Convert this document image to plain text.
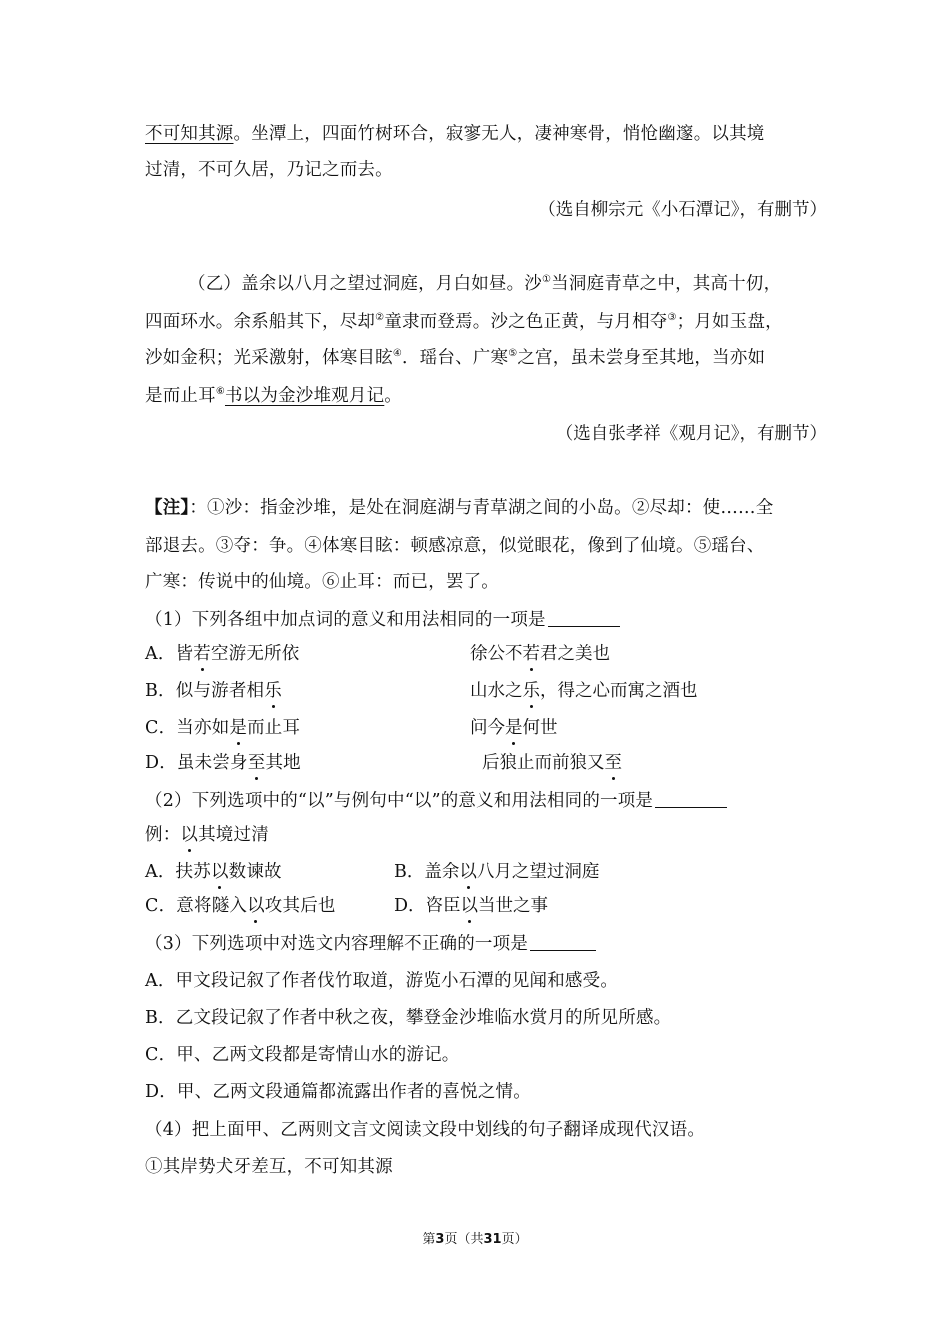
不可知其源。坐潭上，四面竹树环合，寂寥无人，凄神寒骨，悄怆幽邃。以其境
过清，不可久居，乃记之而去。
（选自柳宗元《小石潭记》，有删节）
（乙）盖余以八月之望过洞庭，月白如昼。沙①当洞庭青草之中，其高十仞，
四面环水。余系船其下，尽却②童隶而登焉。沙之色正黄，与月相夺③；月如玉盘，
沙如金积；光采激射，体寒目眩④．瑶台、广寒⑤之宫，虽未尝身至其地，当亦如
是而止耳⑥书以为金沙堆观月记。
（选自张孝祥《观月记》，有删节）
【注】：①沙：指金沙堆，是处在洞庭湖与青草湖之间的小岛。②尽却：使……全
部退去。③夺：争。④体寒目眩：顿感凉意，似觉眼花，像到了仙境。⑤瑶台、
广寒：传说中的仙境。⑥止耳：而已，罢了。
（1）下列各组中加点词的意义和用法相同的一项是
A．皆若空游无所依	徐公不若君之美也
B．似与游者相乐	山水之乐，得之心而寓之酒也
C．当亦如是而止耳	问今是何世
D．虽未尝身至其地	后狼止而前狼又至
（2）下列选项中的“以”与例句中“以”的意义和用法相同的一项是
例：以其境过清
A．扶苏以数谏故	B．盖余以八月之望过洞庭
C．意将隧入以攻其后也	D．咨臣以当世之事
（3）下列选项中对选文内容理解不正确的一项是
A．甲文段记叙了作者伐竹取道，游览小石潭的见闻和感受。
B．乙文段记叙了作者中秋之夜，攀登金沙堆临水赏月的所见所感。
C．甲、乙两文段都是寄情山水的游记。
D．甲、乙两文段通篇都流露出作者的喜悦之情。
（4）把上面甲、乙两则文言文阅读文段中划线的句子翻译成现代汉语。
①其岸势犬牙差互，不可知其源
第3页（共31页）
